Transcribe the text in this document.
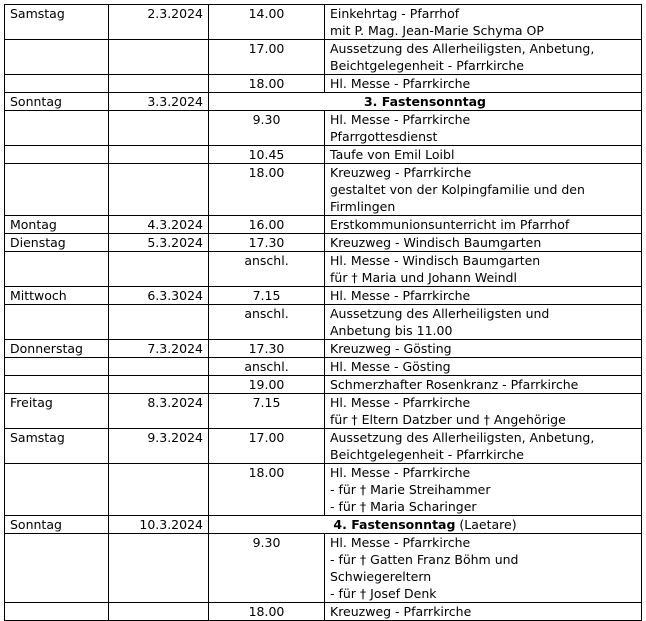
Samstag	2.3.2024	14.00	Einkehrtag - Pfarrhof
mit P. Mag. Jean-Marie Schyma OP

		17.00	Aussetzung des Allerheiligsten, Anbetung,
Beichtgelegenheit - Pfarrkirche

		18.00	Hl. Messe - Pfarrkirche

Sonntag	3.3.2024	3. Fastensonntag	
		9.30	Hl. Messe - Pfarrkirche
Pfarrgottesdienst

		10.45	Taufe von Emil Loibl

		18.00	Kreuzweg - Pfarrkirche
gestaltet von der Kolpingfamilie und den
Firmlingen

Montag	4.3.2024	16.00	Erstkommunionsunterricht im Pfarrhof

Dienstag	5.3.2024	17.30	Kreuzweg - Windisch Baumgarten

		anschl.	Hl. Messe - Windisch Baumgarten
für † Maria und Johann Weindl

Mittwoch	6.3.3024	7.15	Hl. Messe - Pfarrkirche

		anschl.	Aussetzung des Allerheiligsten und
Anbetung bis 11.00

Donnerstag	7.3.2024	17.30	Kreuzweg - Gösting

		anschl.	Hl. Messe - Gösting

		19.00	Schmerzhafter Rosenkranz - Pfarrkirche

Freitag	8.3.2024	7.15	Hl. Messe - Pfarrkirche
für † Eltern Datzber und † Angehörige

Samstag	9.3.2024	17.00	Aussetzung des Allerheiligsten, Anbetung,
Beichtgelegenheit - Pfarrkirche

		18.00	Hl. Messe - Pfarrkirche
- für † Marie Streihammer
- für † Maria Scharinger

Sonntag	10.3.2024	4. Fastensonntag (Laetare)	
		9.30	Hl. Messe - Pfarrkirche
- für † Gatten Franz Böhm und
Schwiegereltern
- für † Josef Denk

		18.00	Kreuzweg - Pfarrkirche
